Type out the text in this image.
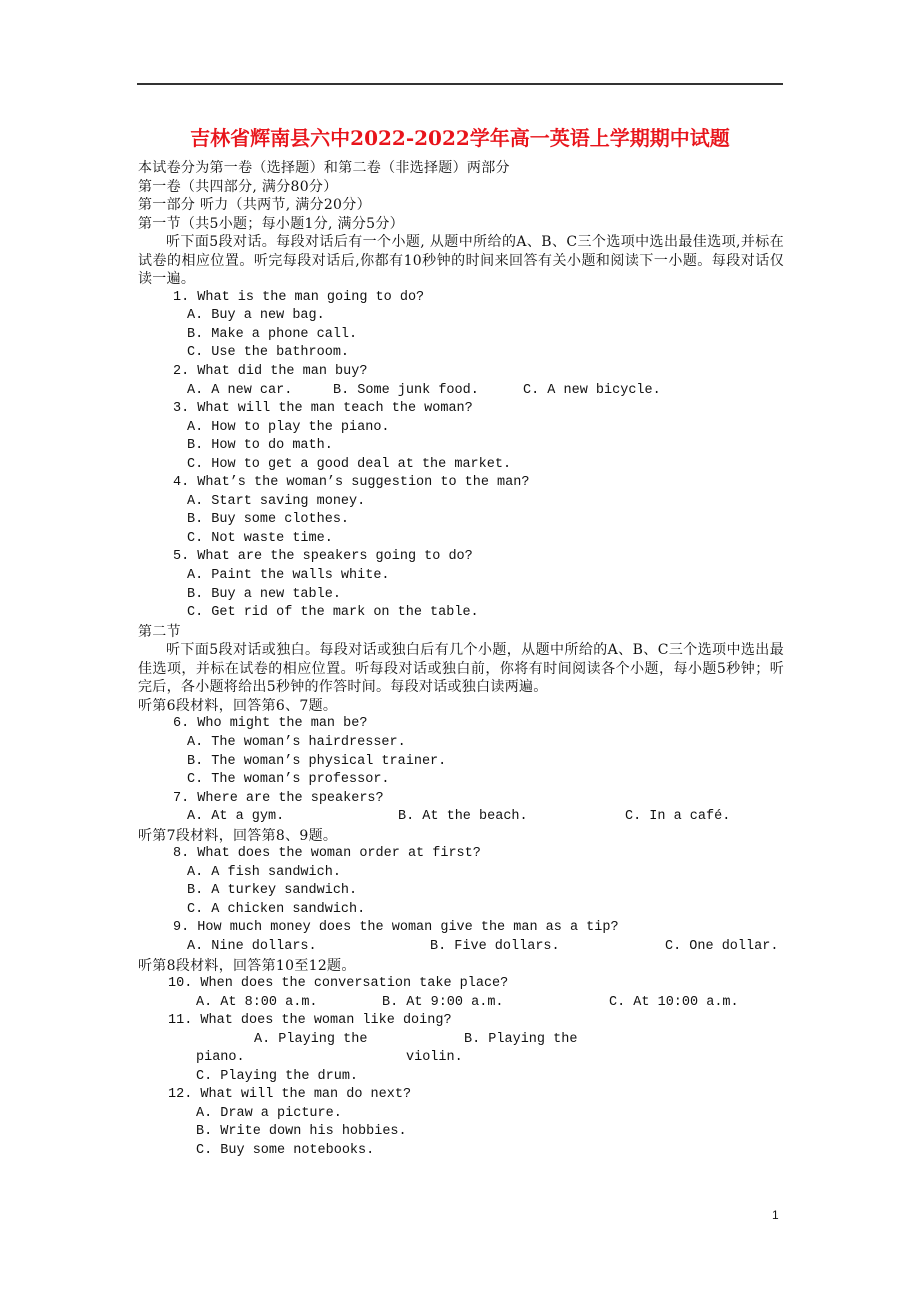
吉林省辉南县六中2022-2022学年高一英语上学期期中试题
本试卷分为第一卷（选择题）和第二卷（非选择题）两部分
第一卷（共四部分, 满分80分）
第一部分 听力（共两节, 满分20分）
第一节（共5小题；每小题1分, 满分5分）
听下面5段对话。每段对话后有一个小题, 从题中所给的A、B、C三个选项中选出最佳选项,并标在试卷的相应位置。听完每段对话后,你都有10秒钟的时间来回答有关小题和阅读下一小题。每段对话仅读一遍。
1. What is the man going to do?
A. Buy a new bag.
B. Make a phone call.
C. Use the bathroom.
2. What did the man buy?
A. A new car.	B. Some junk food.	C. A new bicycle.
3. What will the man teach the woman?
A. How to play the piano.
B. How to do math.
C. How to get a good deal at the market.
4. What’s the woman’s suggestion to the man?
A. Start saving money.
B. Buy some clothes.
C. Not waste time.
5. What are the speakers going to do?
A. Paint the walls white.
B. Buy a new table.
C. Get rid of the mark on the table.
第二节
听下面5段对话或独白。每段对话或独白后有几个小题，从题中所给的A、B、C三个选项中选出最佳选项，并标在试卷的相应位置。听每段对话或独白前，你将有时间阅读各个小题，每小题5秒钟；听完后，各小题将给出5秒钟的作答时间。每段对话或独白读两遍。
听第6段材料，回答第6、7题。
6. Who might the man be?
A. The woman’s hairdresser.
B. The woman’s physical trainer.
C. The woman’s professor.
7. Where are the speakers?
A. At a gym.	B. At the beach.	C. In a café.
听第7段材料，回答第8、9题。
8. What does the woman order at first?
A. A fish sandwich.
B. A turkey sandwich.
C. A chicken sandwich.
9. How much money does the woman give the man as a tip?
A. Nine dollars.	B. Five dollars.	C. One dollar.
听第8段材料，回答第10至12题。
10. When does the conversation take place?
A. At 8:00 a.m.	B. At 9:00 a.m.	C. At 10:00 a.m.
11. What does the woman like doing?
A. Playing the piano.B. Playing the violin.C. Playing the drum.
12. What will the man do next?
A. Draw a picture.
B. Write down his hobbies.
C. Buy some notebooks.
1
